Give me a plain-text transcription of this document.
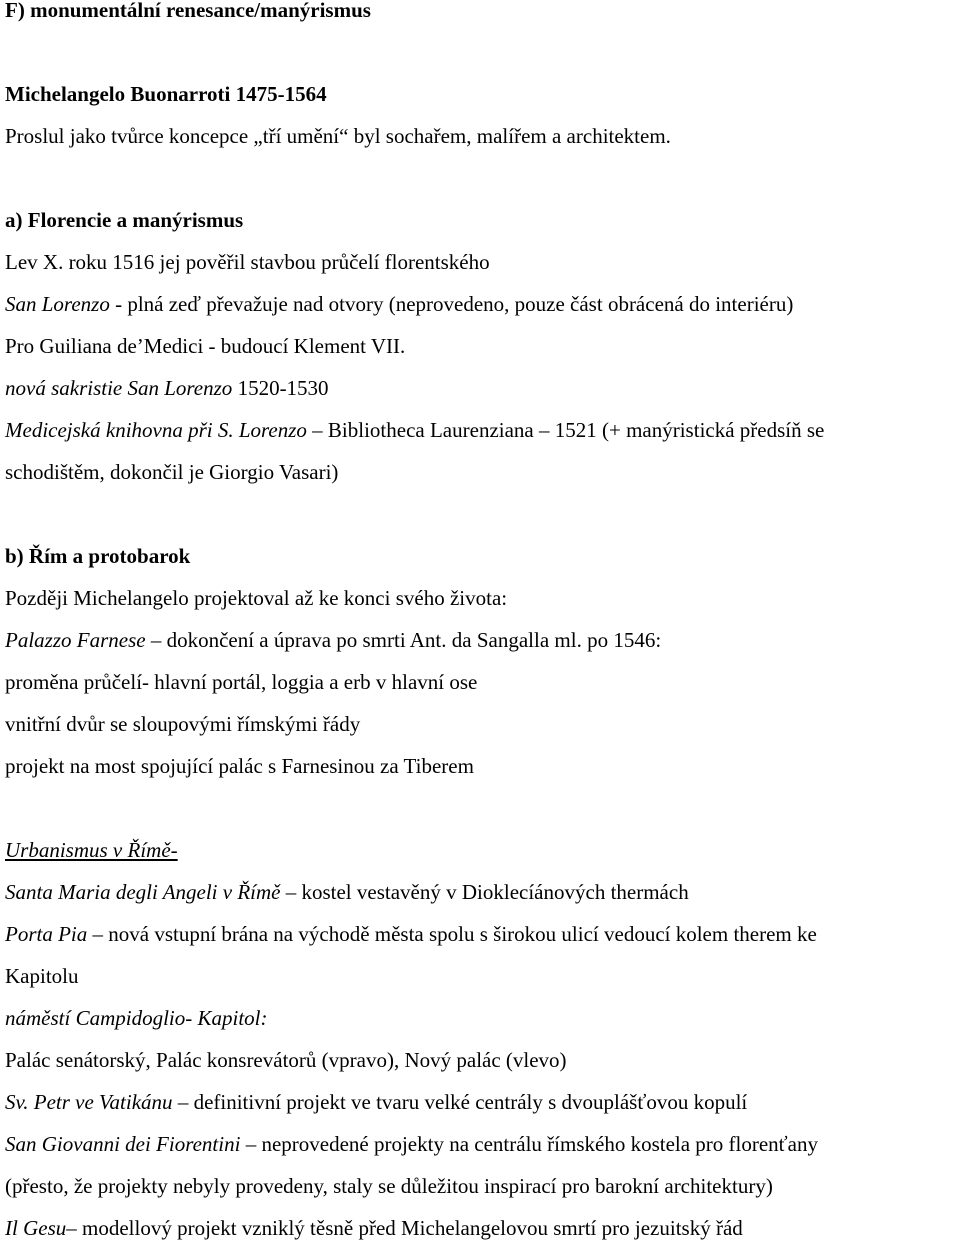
F) monumentální renesance/manýrismus
Michelangelo Buonarroti 1475-1564
Proslul jako tvůrce koncepce „tří umění“ byl sochařem, malířem a architektem.
a) Florencie a manýrismus
Lev X. roku 1516 jej pověřil stavbou průčelí florentského
San Lorenzo - plná zeď převažuje nad otvory (neprovedeno, pouze část obrácená do interiéru)
Pro Guiliana de’Medici - budoucí Klement VII.
nová sakristie San Lorenzo 1520-1530
Medicejská knihovna při S. Lorenzo – Bibliotheca Laurenziana – 1521 (+ manýristická předsíň se
schodištěm, dokončil je Giorgio Vasari)
b) Řím a protobarok
Později Michelangelo projektoval až ke konci svého života:
Palazzo Farnese – dokončení a úprava po smrti Ant. da Sangalla ml. po 1546:
proměna průčelí- hlavní portál, loggia a erb v hlavní ose
vnitřní dvůr se sloupovými římskými řády
projekt na most spojující palác s Farnesinou za Tiberem
Urbanismus v Římě-
Santa Maria degli Angeli v Římě – kostel vestavěný v Dioklecíánových thermách
Porta Pia – nová vstupní brána na východě města spolu s širokou ulicí vedoucí kolem therem ke
Kapitolu
náměstí Campidoglio- Kapitol:
Palác senátorský, Palác konsrevátorů (vpravo), Nový palác (vlevo)
Sv. Petr ve Vatikánu – definitivní projekt ve tvaru velké centrály s dvouplášťovou kopulí
San Giovanni dei Fiorentini – neprovedené projekty na centrálu římského kostela pro florenťany
(přesto, že projekty nebyly provedeny, staly se důležitou inspirací pro barokní architektury)
Il Gesu– modellový projekt vzniklý těsně před Michelangelovou smrtí pro jezuitský řád
